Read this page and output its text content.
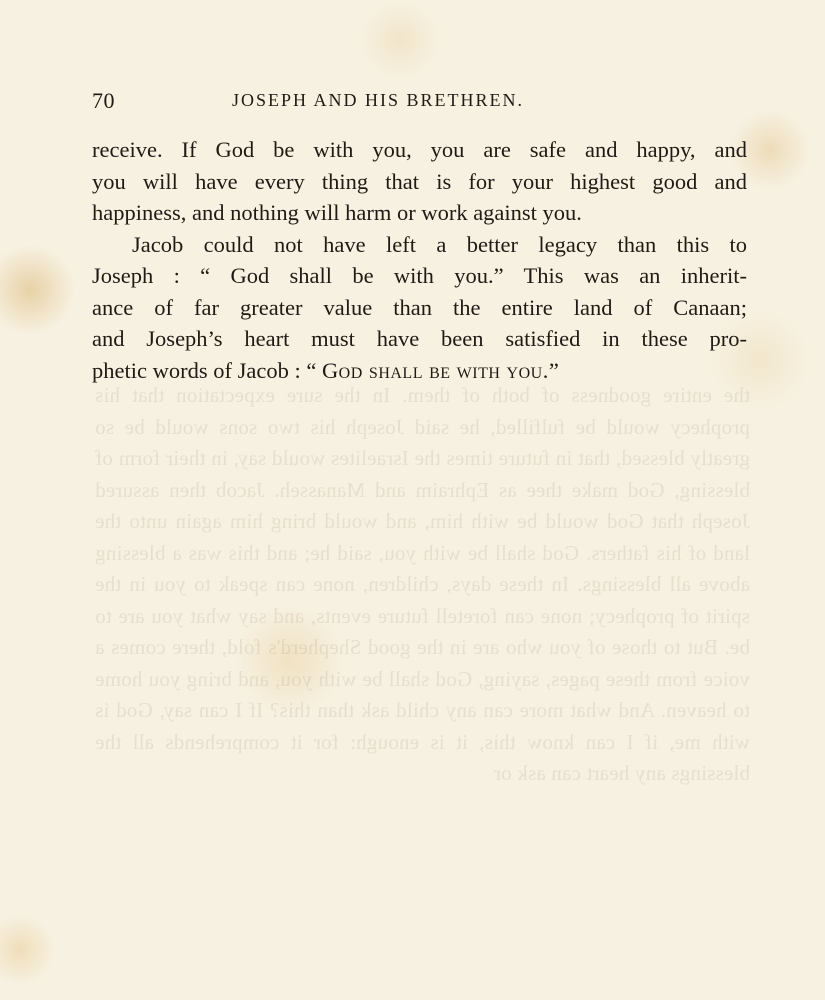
the entire goodness of both of them. In the sure expectation that his prophecy would be fulfilled, he said Joseph his two sons would be so greatly blessed, that in future times the Israelites would say, in their form of blessing, God make thee as Ephraim and Manasseh. Jacob then assured Joseph that God would be with him, and would bring him again unto the land of his fathers. God shall be with you, said he; and this was a blessing above all blessings. In these days, children, none can speak to you in the spirit of prophecy; none can foretell future events, and say what you are to be. But to those of you who are in the good Shepherd's fold, there comes a voice from these pages, saying, God shall be with you, and bring you home to heaven. And what more can any child ask than this? If I can say, God is with me, if I can know this, it is enough: for it comprehends all the blessings any heart can ask or
70	JOSEPH AND HIS BRETHREN.
receive. If God be with you, you are safe and happy, and
you will have every thing that is for your highest good and
happiness, and nothing will harm or work against you.
Jacob could not have left a better legacy than this to
Joseph : “ God shall be with you.” This was an inherit-
ance of far greater value than the entire land of Canaan;
and Joseph’s heart must have been satisfied in these pro-
phetic words of Jacob : “ God shall be with you.”
